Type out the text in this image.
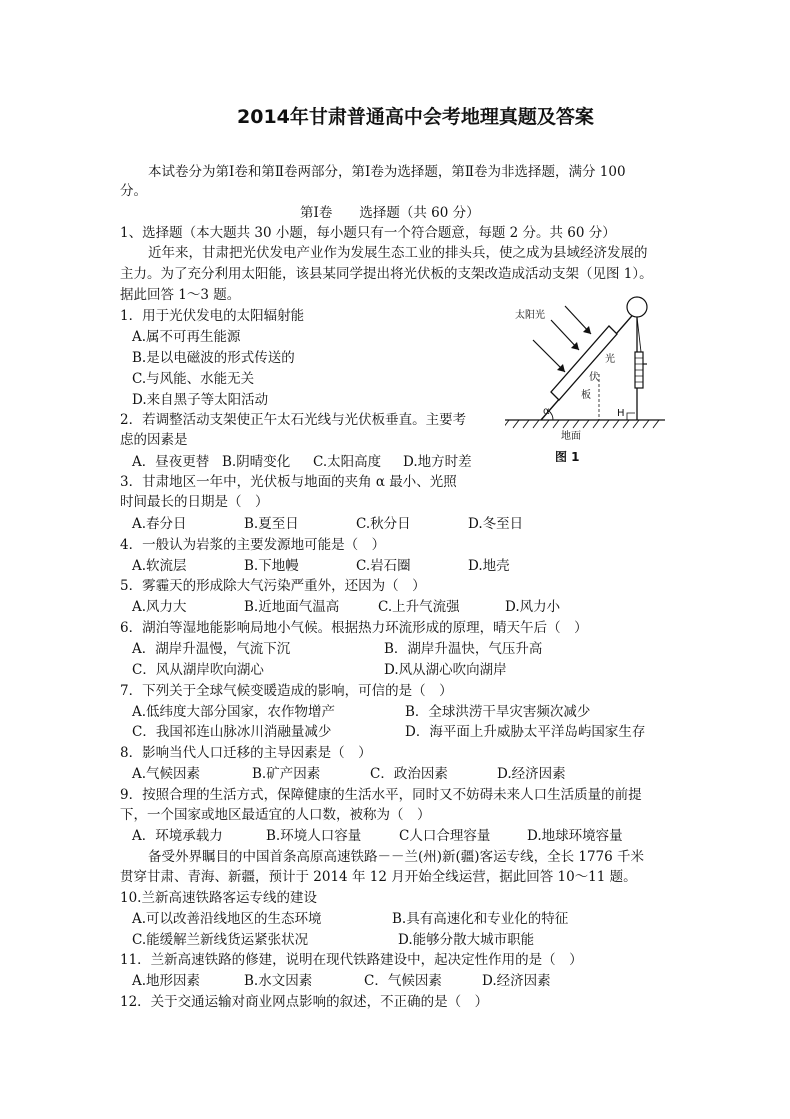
2014年甘肃普通高中会考地理真题及答案
本试卷分为第Ⅰ卷和第Ⅱ卷两部分，第Ⅰ卷为选择题，第Ⅱ卷为非选择题，满分 100
分。
第Ⅰ卷　　选择题（共 60 分）
1、选择题（本大题共 30 小题，每小题只有一个符合题意，每题 2 分。共 60 分）
近年来，甘肃把光伏发电产业作为发展生态工业的排头兵，使之成为县域经济发展的
主力。为了充分利用太阳能，该县某同学提出将光伏板的支架改造成活动支架（见图 1）。
据此回答 1～3 题。
1．用于光伏发电的太阳辐射能
A.属不可再生能源
B.是以电磁波的形式传送的
C.与风能、水能无关
D.来自黑子等太阳活动
2．若调整活动支架使正午太石光线与光伏板垂直。主要考
虑的因素是
A．昼夜更替 B.阴晴变化 C.太阳高度 D.地方时差
3．甘肃地区一年中，光伏板与地面的夹角 α 最小、光照
时间最长的日期是（　）
A.春分日	B.夏至日	C.秋分日	D.冬至日
4．一般认为岩浆的主要发源地可能是（　）
A.软流层	B.下地幔	C.岩石圈	D.地壳
5．雾霾天的形成除大气污染严重外，还因为（　）
A.风力大	B.近地面气温高	C.上升气流强	D.风力小
6．湖泊等湿地能影响局地小气候。根据热力环流形成的原理，晴天午后（　）
A．湖岸升温慢，气流下沉	B．湖岸升温快，气压升高
C．风从湖岸吹向湖心	D.风从湖心吹向湖岸
7．下列关于全球气候变暖造成的影响，可信的是（　）
A.低纬度大部分国家，农作物增产	B．全球洪涝干旱灾害频次减少
C．我国祁连山脉冰川消融量减少	D．海平面上升威胁太平洋岛屿国家生存
8．影响当代人口迁移的主导因素是（　）
A.气候因素	B.矿产因素	C．政治因素	D.经济因素
9．按照合理的生活方式，保障健康的生活水平，同时又不妨碍未来人口生活质量的前提
下，一个国家或地区最适宜的人口数，被称为（　）
A．环境承载力	B.环境人口容量	C人口合理容量	D.地球环境容量
备受外界瞩目的中国首条高原高速铁路－－兰(州)新(疆)客运专线，全长 1776 千米
贯穿甘肃、青海、新疆，预计于 2014 年 12 月开始全线运营，据此回答 10～11 题。
10.兰新高速铁路客运专线的建设
A.可以改善沿线地区的生态环境	B.具有高速化和专业化的特征
C.能缓解兰新线货运紧张状况	D.能够分散大城市职能
11．兰新高速铁路的修建，说明在现代铁路建设中，起决定性作用的是（　）
A.地形因素	B.水文因素	C．气候因素	D.经济因素
12．关于交通运输对商业网点影响的叙述，不正确的是（　）
太阳光
光
伏
板
α	H
地面
图 1
